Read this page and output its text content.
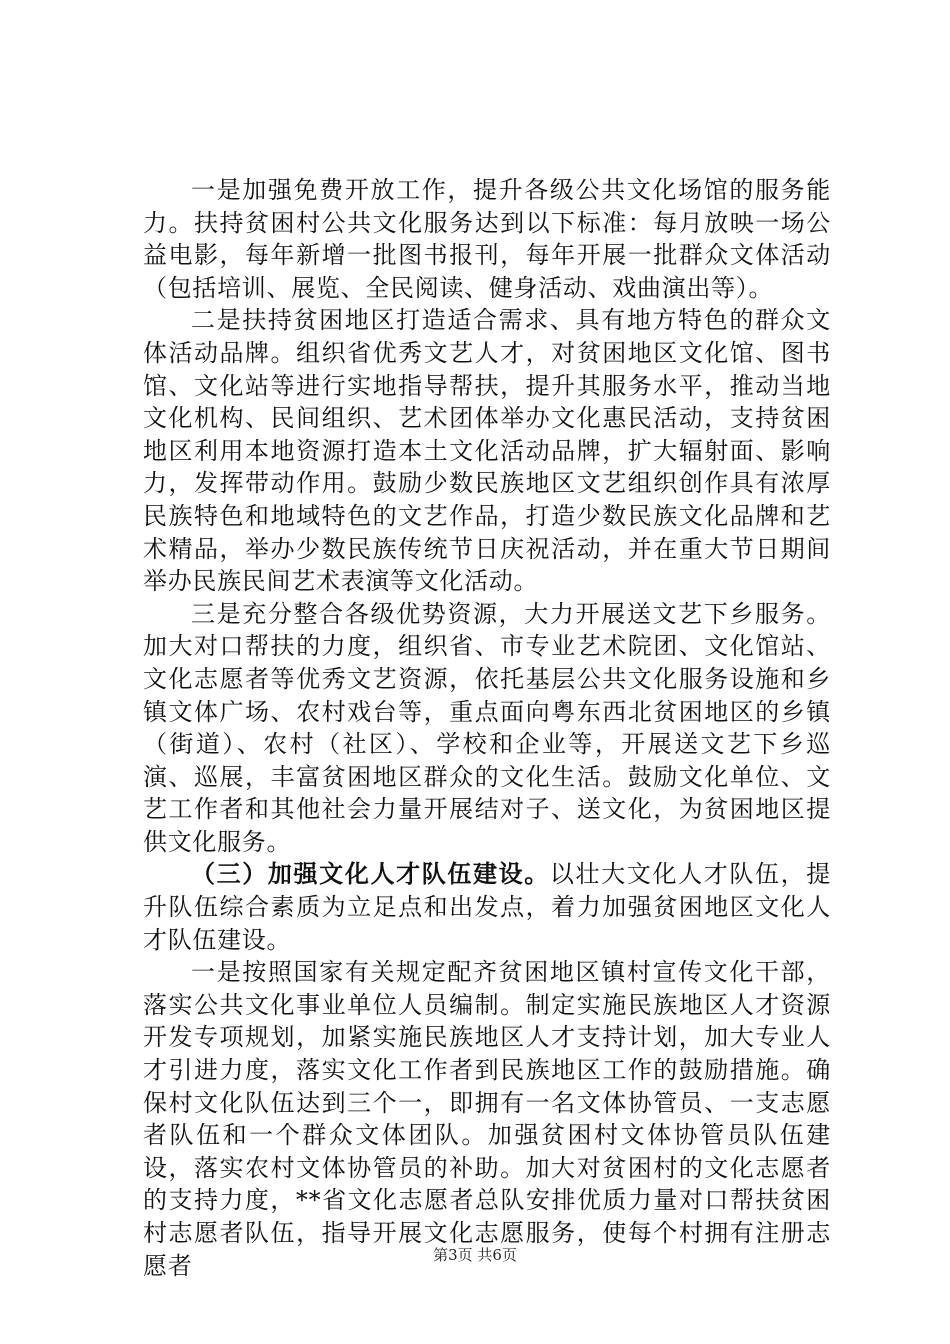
一是加强免费开放工作，提升各级公共文化场馆的服务能力。扶持贫困村公共文化服务达到以下标准：每月放映一场公益电影，每年新增一批图书报刊，每年开展一批群众文体活动（包括培训、展览、全民阅读、健身活动、戏曲演出等）。

二是扶持贫困地区打造适合需求、具有地方特色的群众文体活动品牌。组织省优秀文艺人才，对贫困地区文化馆、图书馆、文化站等进行实地指导帮扶，提升其服务水平，推动当地文化机构、民间组织、艺术团体举办文化惠民活动，支持贫困地区利用本地资源打造本土文化活动品牌，扩大辐射面、影响力，发挥带动作用。鼓励少数民族地区文艺组织创作具有浓厚民族特色和地域特色的文艺作品，打造少数民族文化品牌和艺术精品，举办少数民族传统节日庆祝活动，并在重大节日期间举办民族民间艺术表演等文化活动。

三是充分整合各级优势资源，大力开展送文艺下乡服务。加大对口帮扶的力度，组织省、市专业艺术院团、文化馆站、文化志愿者等优秀文艺资源，依托基层公共文化服务设施和乡镇文体广场、农村戏台等，重点面向粤东西北贫困地区的乡镇（街道）、农村（社区）、学校和企业等，开展送文艺下乡巡演、巡展，丰富贫困地区群众的文化生活。鼓励文化单位、文艺工作者和其他社会力量开展结对子、送文化，为贫困地区提供文化服务。

（三）加强文化人才队伍建设。以壮大文化人才队伍，提升队伍综合素质为立足点和出发点，着力加强贫困地区文化人才队伍建设。

一是按照国家有关规定配齐贫困地区镇村宣传文化干部，落实公共文化事业单位人员编制。制定实施民族地区人才资源开发专项规划，加紧实施民族地区人才支持计划，加大专业人才引进力度，落实文化工作者到民族地区工作的鼓励措施。确保村文化队伍达到三个一，即拥有一名文体协管员、一支志愿者队伍和一个群众文体团队。加强贫困村文体协管员队伍建设，落实农村文体协管员的补助。加大对贫困村的文化志愿者的支持力度，**省文化志愿者总队安排优质力量对口帮扶贫困村志愿者队伍，指导开展文化志愿服务，使每个村拥有注册志愿者	第3页 共6页
